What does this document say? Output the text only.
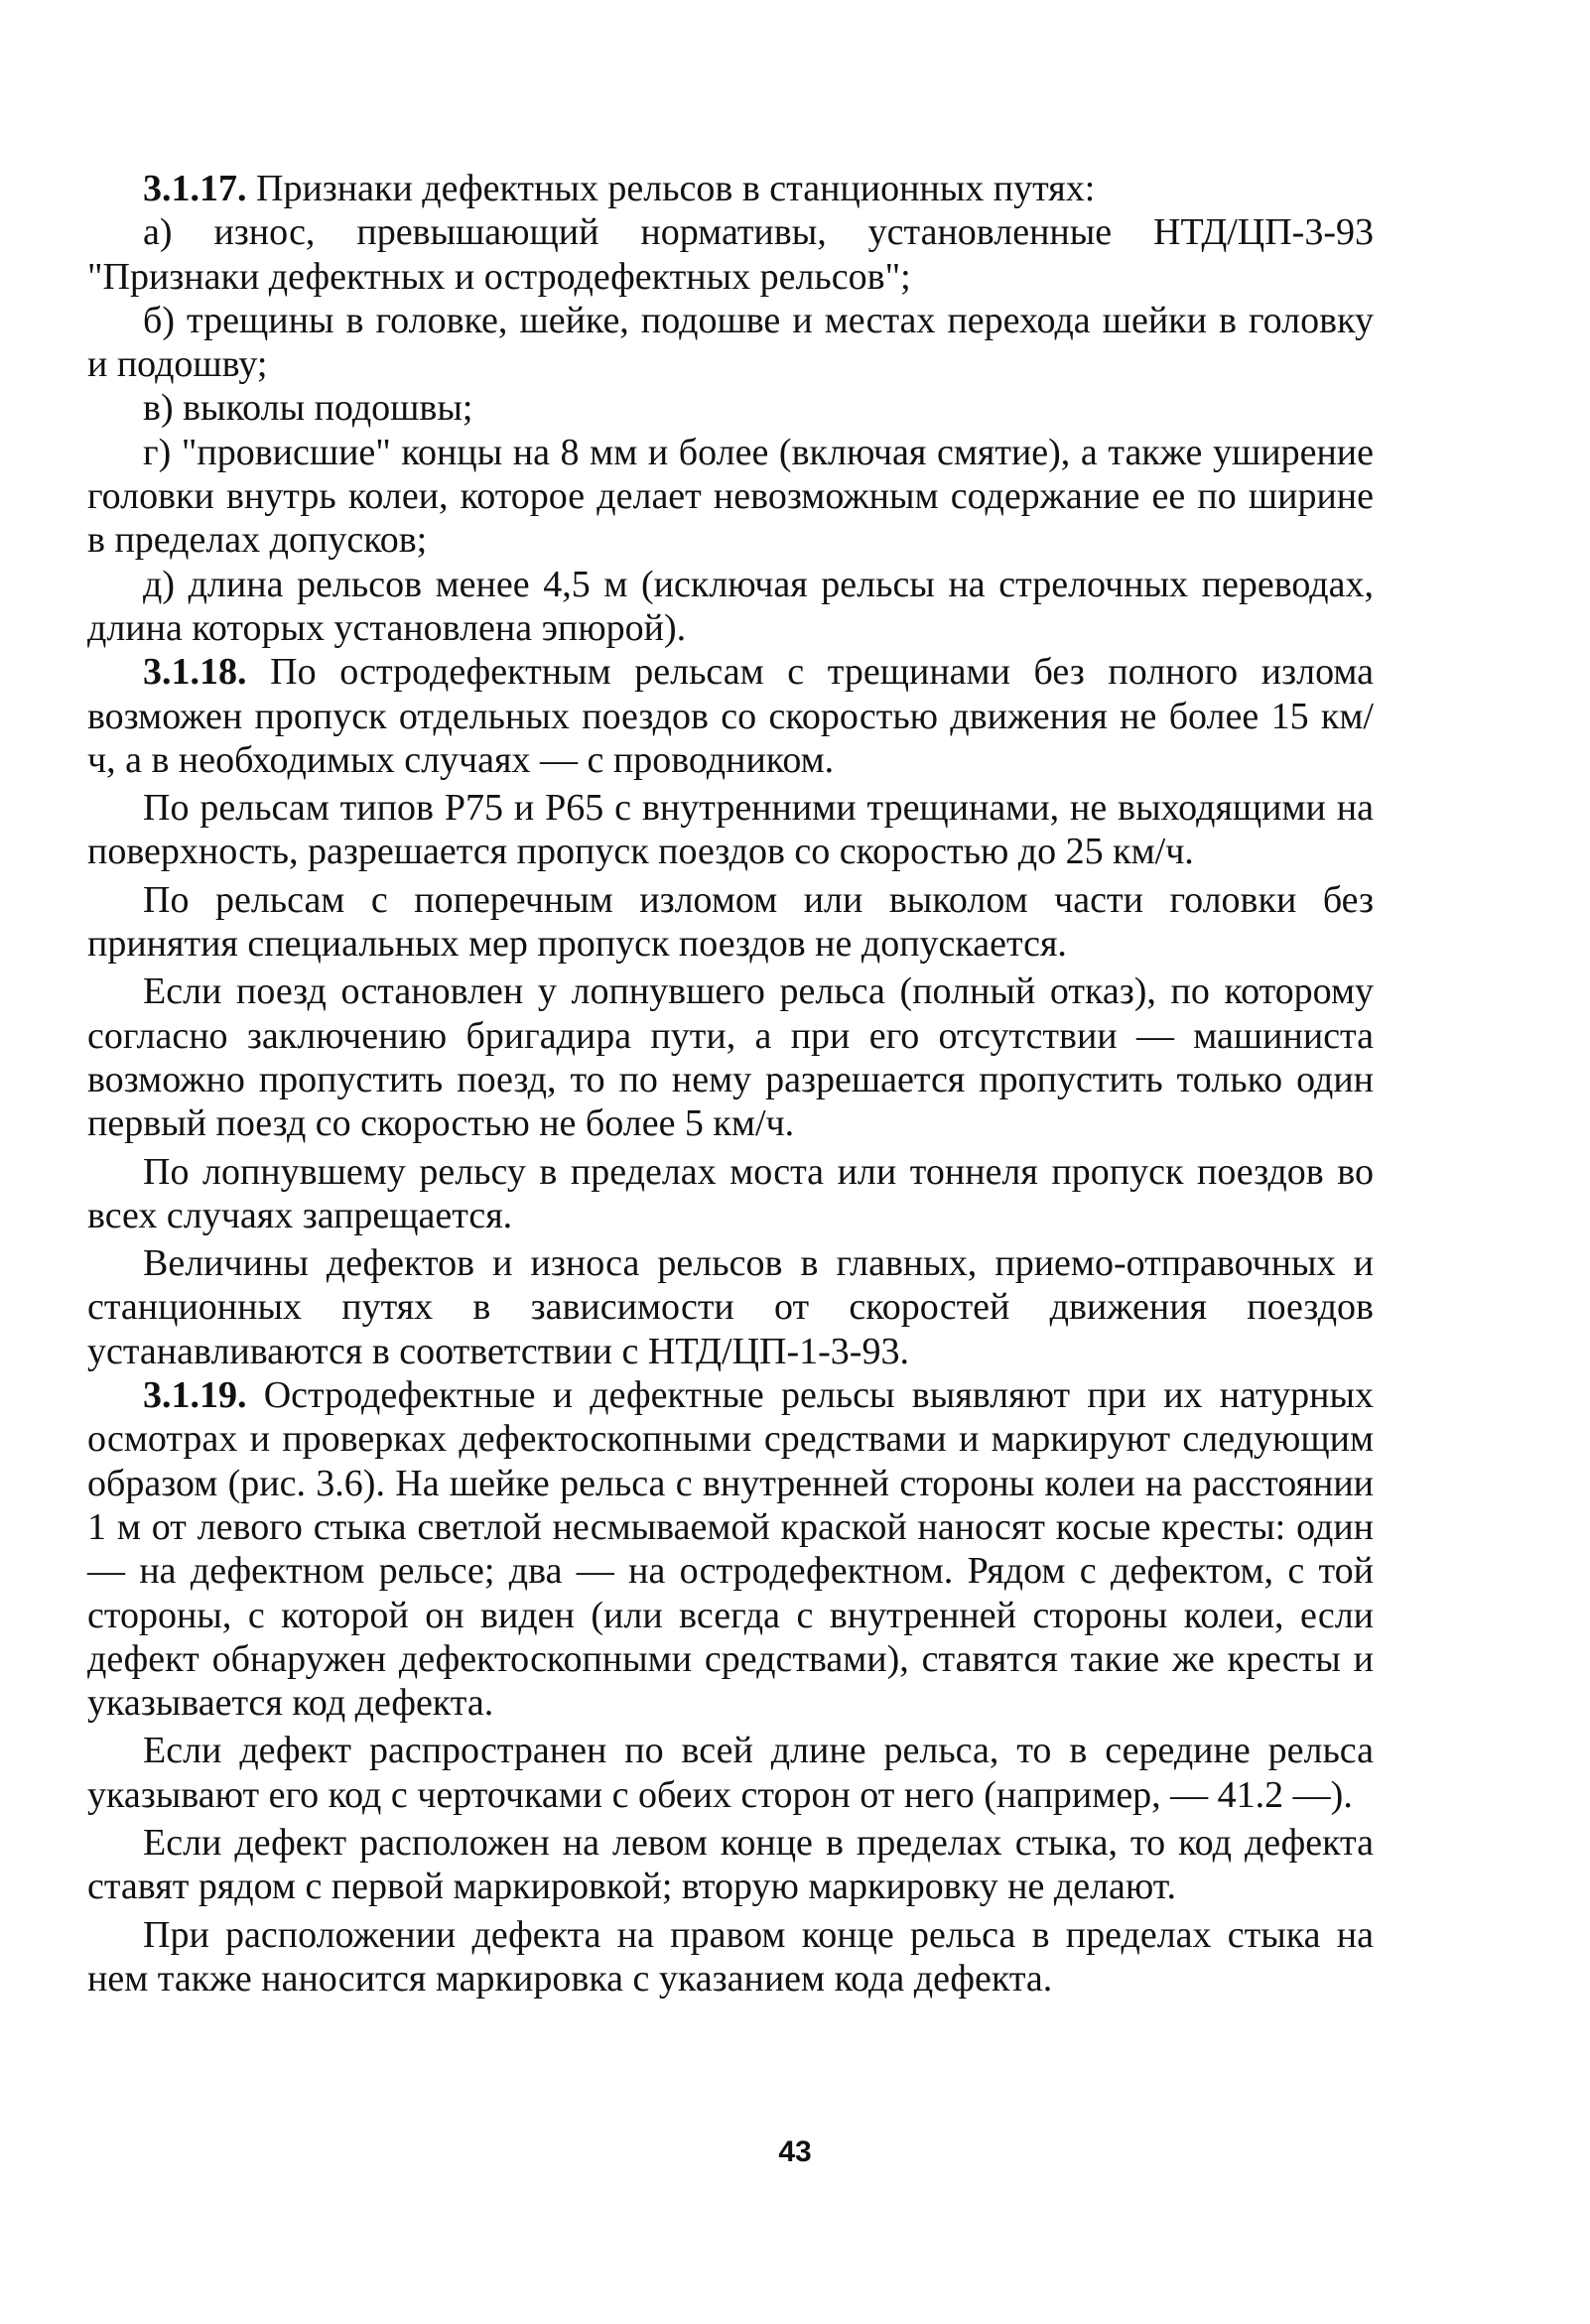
3.1.17. Признаки дефектных рельсов в станционных путях:

а) износ, превышающий нормативы, установленные НТД/ЦП-3-93 "Признаки дефектных и остродефектных рельсов";

б) трещины в головке, шейке, подошве и местах перехода шейки в головку и подошву;

в) выколы подошвы;

г) "провисшие" концы на 8 мм и более (включая смятие), а также уширение головки внутрь колеи, которое делает невозможным содержание ее по ширине в пределах допусков;

д) длина рельсов менее 4,5 м (исключая рельсы на стрелочных переводах, длина которых установлена эпюрой).

3.1.18. По остродефектным рельсам с трещинами без полного излома возможен пропуск отдельных поездов со скоростью движения не более 15 км/ч, а в необходимых случаях — с проводником.

По рельсам типов Р75 и Р65 с внутренними трещинами, не выходящими на поверхность, разрешается пропуск поездов со скоростью до 25 км/ч.

По рельсам с поперечным изломом или выколом части головки без принятия специальных мер пропуск поездов не допускается.

Если поезд остановлен у лопнувшего рельса (полный отказ), по которому согласно заключению бригадира пути, а при его отсутствии — машиниста возможно пропустить поезд, то по нему разрешается пропустить только один первый поезд со скоростью не более 5 км/ч.

По лопнувшему рельсу в пределах моста или тоннеля пропуск поездов во всех случаях запрещается.

Величины дефектов и износа рельсов в главных, приемо-отправочных и станционных путях в зависимости от скоростей движения поездов устанавливаются в соответствии с НТД/ЦП-1-3-93.

3.1.19. Остродефектные и дефектные рельсы выявляют при их натурных осмотрах и проверках дефектоскопными средствами и маркируют следующим образом (рис. 3.6). На шейке рельса с внутренней стороны колеи на расстоянии 1 м от левого стыка светлой несмываемой краской наносят косые кресты: один — на дефектном рельсе; два — на остродефектном. Рядом с дефектом, с той стороны, с которой он виден (или всегда с внутренней стороны колеи, если дефект обнаружен дефектоскопными средствами), ставятся такие же кресты и указывается код дефекта.

Если дефект распространен по всей длине рельса, то в середине рельса указывают его код с черточками с обеих сторон от него (например, — 41.2 —).

Если дефект расположен на левом конце в пределах стыка, то код дефекта ставят рядом с первой маркировкой; вторую маркировку не делают.

При расположении дефекта на правом конце рельса в пределах стыка на нем также наносится маркировка с указанием кода дефекта.

43
